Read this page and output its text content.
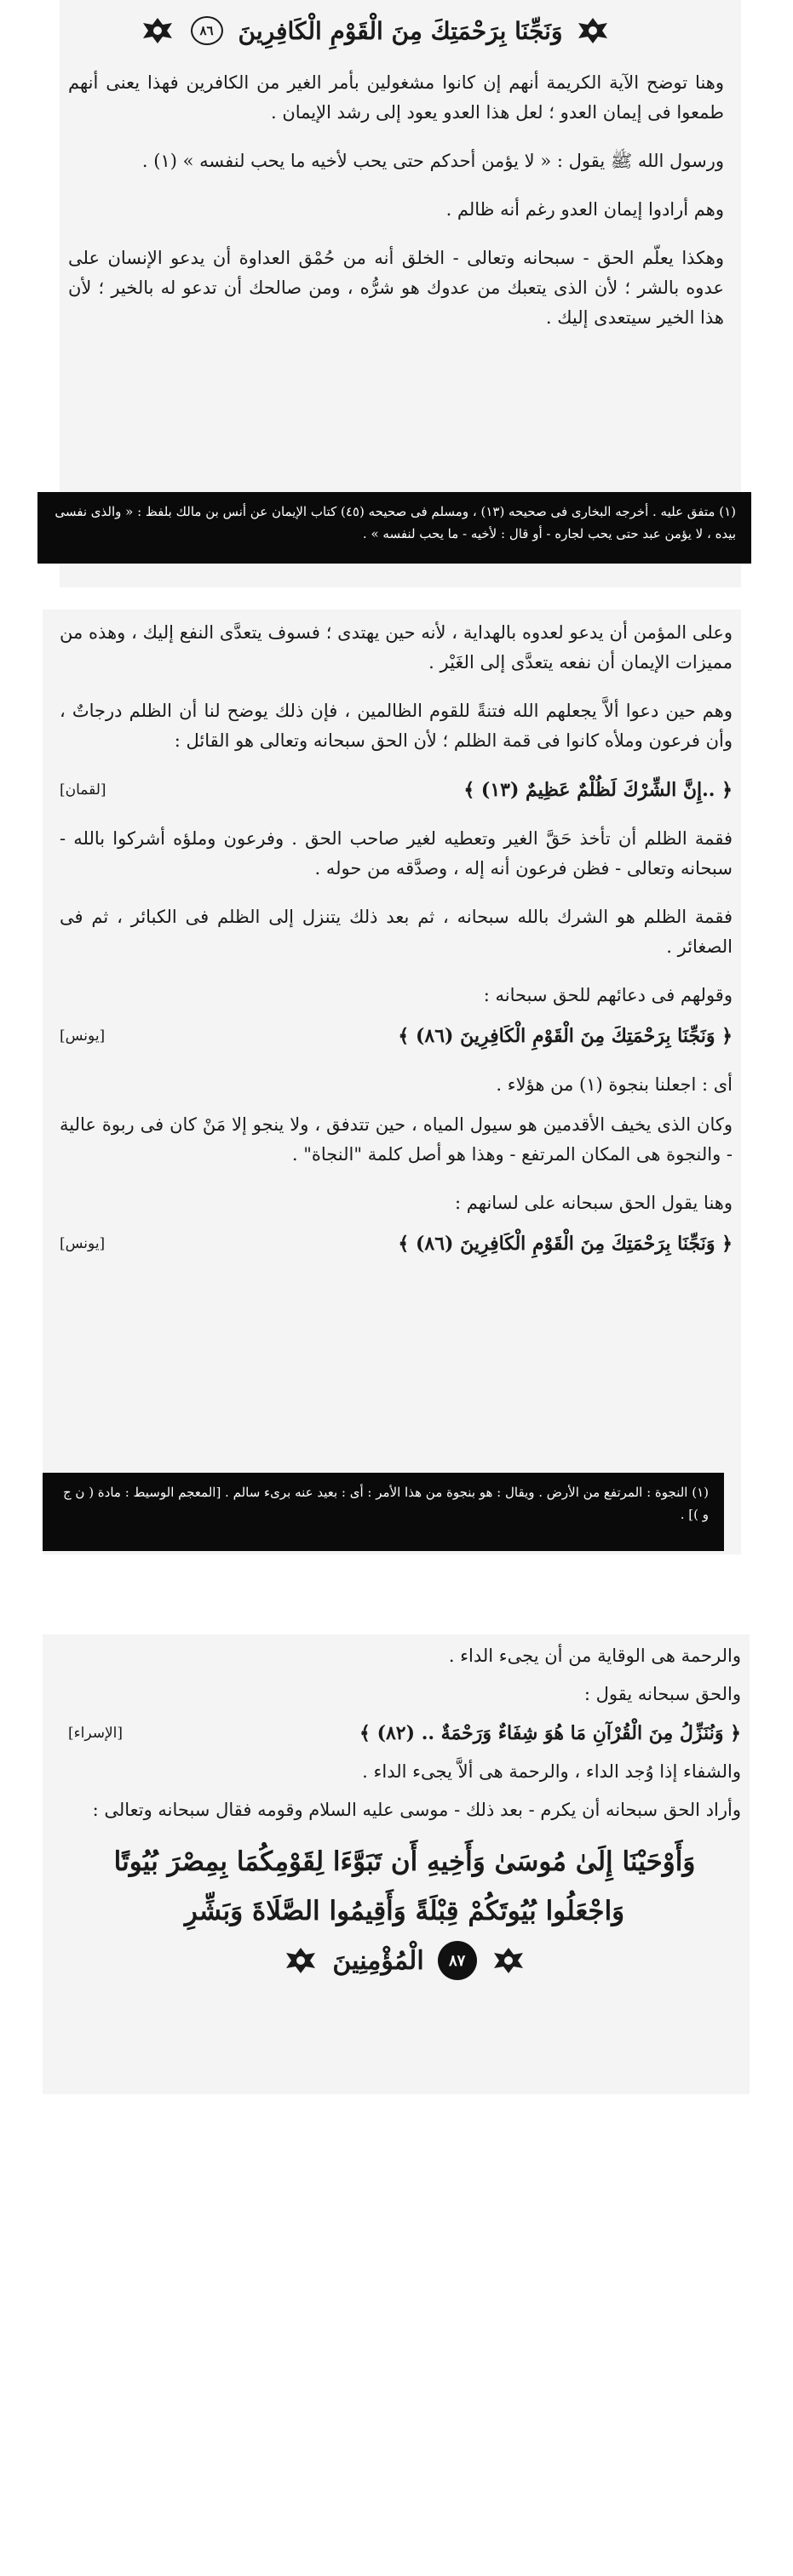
وَنَجِّنَا بِرَحْمَتِكَ مِنَ الْقَوْمِ الْكَافِرِينَ
٨٦

وهنا توضح الآية الكريمة أنهم إن كانوا مشغولين بأمر الغير من الكافرين فهذا يعنى أنهم طمعوا فى إيمان العدو ؛ لعل هذا العدو يعود إلى رشد الإيمان .

ورسول الله ﷺ يقول : « لا يؤمن أحدكم حتى يحب لأخيه ما يحب لنفسه » (١) .

وهم أرادوا إيمان العدو رغم أنه ظالم .

وهكذا يعلّم الحق - سبحانه وتعالى - الخلق أنه من حُمْق العداوة أن يدعو الإنسان على عدوه بالشر ؛ لأن الذى يتعبك من عدوك هو شرُّه ، ومن صالحك أن تدعو له بالخير ؛ لأن هذا الخير سيتعدى إليك .

(١) متفق عليه . أخرجه البخارى فى صحيحه (١٣) ، ومسلم فى صحيحه (٤٥) كتاب الإيمان عن أنس بن مالك بلفظ : « والذى نفسى بيده ، لا يؤمن عبد حتى يحب لجاره - أو قال : لأخيه - ما يحب لنفسه » .

وعلى المؤمن أن يدعو لعدوه بالهداية ، لأنه حين يهتدى ؛ فسوف يتعدَّى النفع إليك ، وهذه من مميزات الإيمان أن نفعه يتعدَّى إلى الغَيْر .

وهم حين دعوا ألاَّ يجعلهم الله فتنةً للقوم الظالمين ، فإن ذلك يوضح لنا أن الظلم درجاتٌ ، وأن فرعون وملأه كانوا فى قمة الظلم ؛ لأن الحق سبحانه وتعالى هو القائل :

﴿ ..إِنَّ الشِّرْكَ لَظُلْمٌ عَظِيمٌ (١٣) ﴾
[لقمان]

فقمة الظلم أن تأخذ حَقَّ الغير وتعطيه لغير صاحب الحق . وفرعون وملؤه أشركوا بالله - سبحانه وتعالى - فظن فرعون أنه إله ، وصدَّقه من حوله .

فقمة الظلم هو الشرك بالله سبحانه ، ثم بعد ذلك يتنزل إلى الظلم فى الكبائر ، ثم فى الصغائر .

وقولهم فى دعائهم للحق سبحانه :

﴿ وَنَجِّنَا بِرَحْمَتِكَ مِنَ الْقَوْمِ الْكَافِرِينَ (٨٦) ﴾
[يونس]

أى : اجعلنا بنجوة (١) من هؤلاء .

وكان الذى يخيف الأقدمين هو سيول المياه ، حين تتدفق ، ولا ينجو إلا مَنْ كان فى ربوة عالية - والنجوة هى المكان المرتفع - وهذا هو أصل كلمة "النجاة" .

وهنا يقول الحق سبحانه على لسانهم :

﴿ وَنَجِّنَا بِرَحْمَتِكَ مِنَ الْقَوْمِ الْكَافِرِينَ (٨٦) ﴾
[يونس]
(١) النجوة : المرتفع من الأرض . ويقال : هو بنجوة من هذا الأمر : أى : بعيد عنه برىء سالم . [المعجم الوسيط : مادة ( ن ج و )] .

والرحمة هى الوقاية من أن يجىء الداء .

والحق سبحانه يقول :

﴿ وَنُنَزِّلُ مِنَ الْقُرْآنِ مَا هُوَ شِفَاءٌ وَرَحْمَةٌ .. (٨٢) ﴾
[الإسراء]

والشفاء إذا وُجد الداء ، والرحمة هى ألاَّ يجىء الداء .

وأراد الحق سبحانه أن يكرم - بعد ذلك - موسى عليه السلام وقومه فقال سبحانه وتعالى :

وَأَوْحَيْنَا إِلَىٰ مُوسَىٰ وَأَخِيهِ أَن تَبَوَّءَا لِقَوْمِكُمَا بِمِصْرَ بُيُوتًا
وَاجْعَلُوا بُيُوتَكُمْ قِبْلَةً وَأَقِيمُوا الصَّلَاةَ وَبَشِّرِ
٨٧
الْمُؤْمِنِينَ
